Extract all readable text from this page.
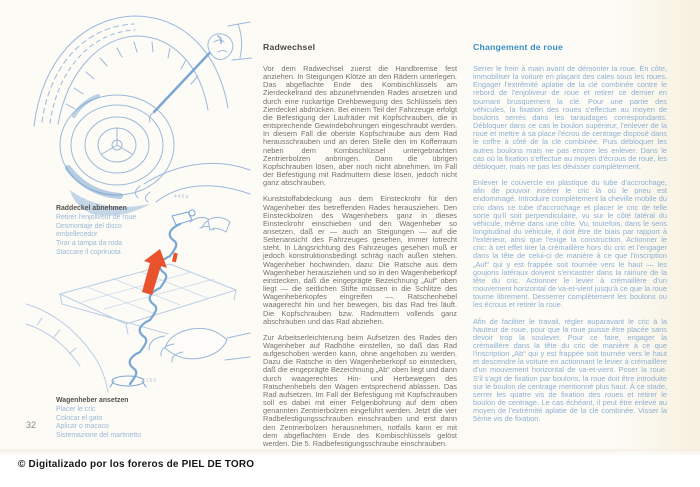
445a
4155
Raddeckel abnehmen
Retirer l'enjoliveur de roue
Desmontaje del disco embellecedor
Tirar a tampa da roda
Staccare il copriruota
Wagenheber ansetzen
Placer le cric
Colocar el gato
Aplicar o macaco
Sistemazione del martinetto
32
Radwechsel

Vor dem Radwechsel zuerst die Handbremse fest anziehen. In Steigungen Klötze an den Rädern unterlegen. Das abgeflachte Ende des Kombischlüssels am Zierdeckelrand des abzunehmenden Rades ansetzen und durch eine ruckartige Drehbewegung des Schlüssels den Zierdeckel abdrücken. Bei einem Teil der Fahrzeuge erfolgt die Befestigung der Laufräder mit Kopfschrauben, die in entsprechende Gewindebohrungen eingeschraubt werden. In diesem Fall die oberste Kopfschraube aus dem Rad herausschrauben und an deren Stelle den im Kofferraum neben dem Kombischlüssel untergebrachten Zentrierbolzen anbringen. Dann die übrigen Kopfschrauben lösen, aber noch nicht abnehmen. Im Fall der Befestigung mit Radmuttern diese lösen, jedoch nicht ganz abschrauben.

Kunststoffabdeckung aus dem Einsteckrohr für den Wagenheber des betreffenden Rades herausziehen. Den Einsteckbolzen des Wagenhebers ganz in dieses Einsteckrohr einschieben und den Wagenheber so ansetzen, daß er — auch an Steigungen — auf die Seitenansicht des Fahrzeuges gesehen, immer lotrecht steht. In Längsrichtung des Fahrzeuges gesehen muß er jedoch konstruktionsbedingt schräg nach außen stehen. Wagenheber hochwinden, dazu: Die Ratsche aus dem Wagenheber herausziehen und so in den Wagenheberkopf einstecken, daß die eingeprägte Bezeichnung „Auf“ oben liegt — die seitlichen Stifte müssen in die Schlitze des Wagenheberkopfes eingreifen —. Ratschenhebel waagerecht hin und her bewegen, bis das Rad frei läuft. Die Kopfschrauben bzw. Radmuttern vollends ganz abschrauben und das Rad abziehen.

Zur Arbeitserleichterung beim Aufsetzen des Rades den Wagenheber auf Radhöhe einstellen, so daß das Rad aufgeschoben werden kann, ohne angehoben zu werden. Dazu die Ratsche in den Wagenheberkopf so einstecken, daß die eingeprägte Bezeichnung „Ab“ oben liegt und dann durch waagerechtes Hin- und Herbewegen des Ratschenhebels den Wagen entsprechend ablassen. Das Rad aufsetzen. Im Fall der Befestigung mit Kopfschrauben soll es dabei mit einer Felgenbohrung auf dem oben genannten Zentrierbolzen eingeführt werden. Jetzt die vier Radbefestigungsschrauben einschrauben und erst dann den Zentrierbolzen herausnehmen, notfalls kann er mit dem abgeflachten Ende des Kombischlüssels gelöst werden. Die 5. Radbefestigungsschraube einschrauben.

Changement de roue

Serrer le frein à main avant de démonter la roue. En côte, immobiliser la voiture en plaçant des cales sous les roues. Engager l'extrémité aplatie de la clé combinée contre le rebord de l'enjoliveur de roue et retirer ce dernier en tournant brusquement la clé. Pour une partie des véhicules, la fixation des roues s'effectue au moyen de boulons serrés dans les taraudages correspondants. Débloquer dans ce cas le boulon supérieur, l'enlever de la roue et mettre à sa place l'écrou de centrage disposé dans le coffre à côté de la clé combinée. Puis débloquer les autres boulons mais ne pas encore les enlever. Dans le cas où la fixation s'effectue au moyen d'écrous de roue, les débloquer, mais ne pas les dévisser complètement.

Enlever le couvercle en plastique du tube d'accrochage, afin de pouvoir insérer le cric là où le pneu est endommagé. Introduire complètement la cheville mobile du cric dans ce tube d'accrochage et placer le cric de telle sorte qu'il soit perpendiculaire, vu sur le côté latéral du véhicule, même dans une côte. Vu, toutefois, dans le sens longitudinal du véhicule, il doit être de biais par rapport à l'extérieur, ainsi que l'exige la construction. Actionner le cric: à cet effet tirer la crémaillère hors du cric et l'engager dans la tête de celui-ci de manière à ce que l'inscription „Auf“ qui y est frappée soit tournée vers le haut — les goujons latéraux doivent s'encastrer dans la rainure de la tête du cric. Actionner le levier à crémaillère d'un mouvement horizontal de va-et-vient jusqu'à ce que la roue tourne librement. Desserrer complètement les boulons ou les écrous et retirer la roue.

Afin de faciliter le travail, régler auparavant le cric à la hauteur de roue, pour que la roue puisse être placée sans devoir trop la soulever. Pour ce faire, engager la crémaillère dans la tête du cric de manière à ce que l'inscription „Ab“ qui y est frappée soit tournée vers le haut et descendre la voiture en actionnant le levier à crémaillère d'un mouvement horizontal de va-et-vient. Poser la roue. S'il s'agit de fixation par boulons, la roue doit être introduite sur le boulon de centrage mentionné plus haut. À ce stade, serrer les quatre vis de fixation des roues et retirer le boulon de centrage. Le cas échéant, il peut être enlevé au moyen de l'extrémité aplatie de la clé combinée. Visser la 5ème vis de fixation.

© Digitalizado por los foreros de PIEL DE TORO
